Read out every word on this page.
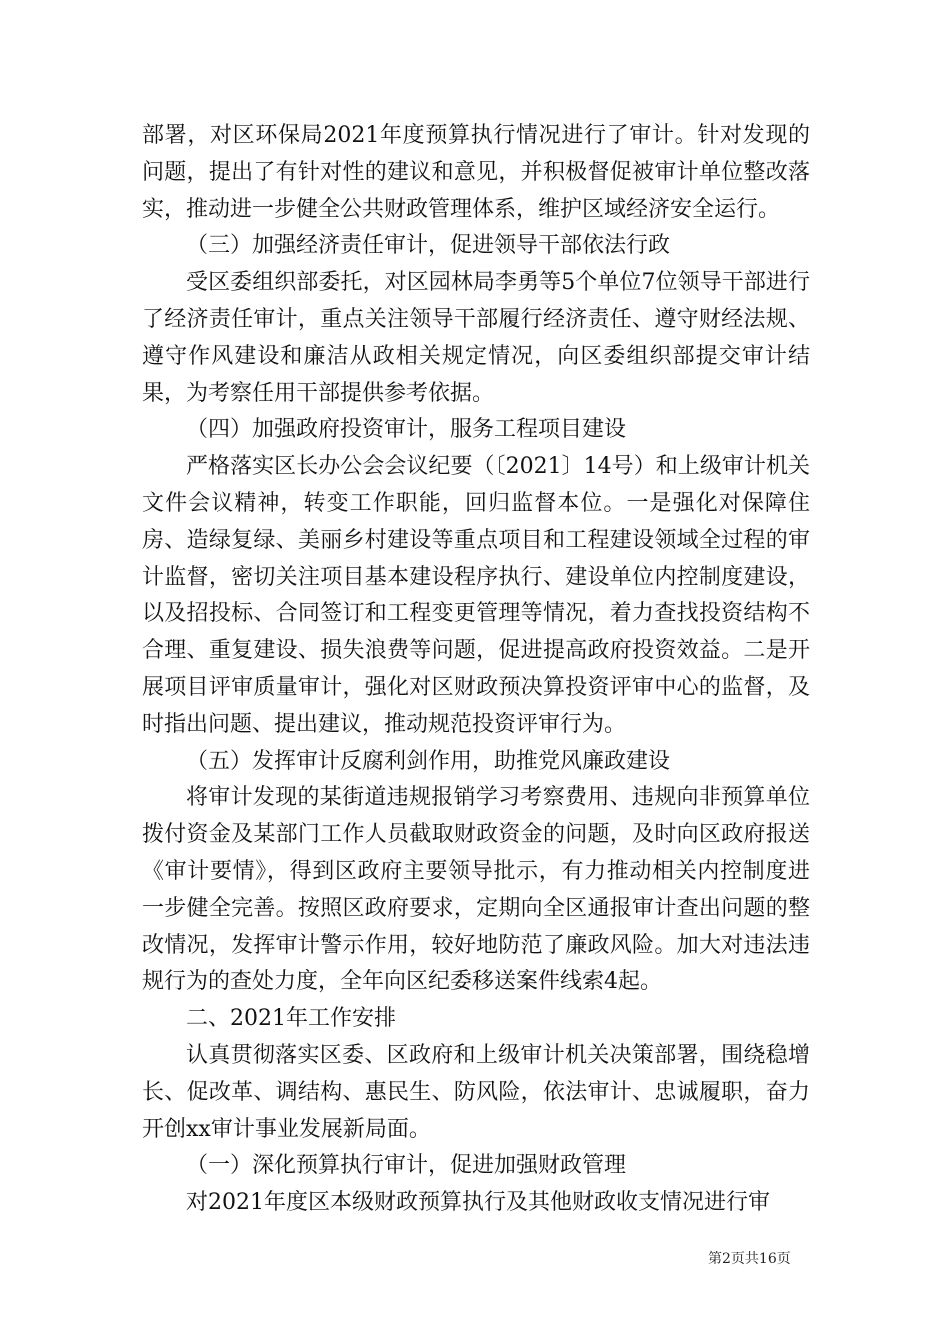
部署，对区环保局2021年度预算执行情况进行了审计。针对发现的问题，提出了有针对性的建议和意见，并积极督促被审计单位整改落实，推动进一步健全公共财政管理体系，维护区域经济安全运行。

（三）加强经济责任审计，促进领导干部依法行政

受区委组织部委托，对区园林局李勇等5个单位7位领导干部进行了经济责任审计，重点关注领导干部履行经济责任、遵守财经法规、遵守作风建设和廉洁从政相关规定情况，向区委组织部提交审计结果，为考察任用干部提供参考依据。

（四）加强政府投资审计，服务工程项目建设

严格落实区长办公会会议纪要（〔2021〕14号）和上级审计机关文件会议精神，转变工作职能，回归监督本位。一是强化对保障住房、造绿复绿、美丽乡村建设等重点项目和工程建设领域全过程的审计监督，密切关注项目基本建设程序执行、建设单位内控制度建设，以及招投标、合同签订和工程变更管理等情况，着力查找投资结构不合理、重复建设、损失浪费等问题，促进提高政府投资效益。二是开展项目评审质量审计，强化对区财政预决算投资评审中心的监督，及时指出问题、提出建议，推动规范投资评审行为。

（五）发挥审计反腐利剑作用，助推党风廉政建设

将审计发现的某街道违规报销学习考察费用、违规向非预算单位拨付资金及某部门工作人员截取财政资金的问题，及时向区政府报送《审计要情》，得到区政府主要领导批示，有力推动相关内控制度进一步健全完善。按照区政府要求，定期向全区通报审计查出问题的整改情况，发挥审计警示作用，较好地防范了廉政风险。加大对违法违规行为的查处力度，全年向区纪委移送案件线索4起。

二、2021年工作安排

认真贯彻落实区委、区政府和上级审计机关决策部署，围绕稳增长、促改革、调结构、惠民生、防风险，依法审计、忠诚履职，奋力开创xx审计事业发展新局面。

（一）深化预算执行审计，促进加强财政管理

对2021年度区本级财政预算执行及其他财政收支情况进行审

第2页共16页
